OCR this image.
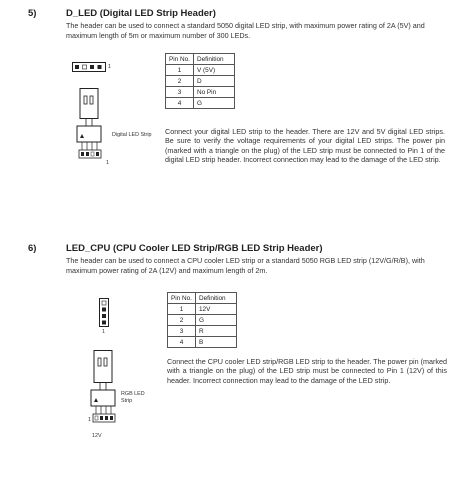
5)	D_LED (Digital LED Strip Header)
The header can be used to connect a standard 5050 digital LED strip, with maximum power rating of 2A (5V) and maximum length of 5m or maximum number of 300 LEDs.
1
Digital LED Strip
1
Pin No.	Definition
1	V (5V)
2	D
3	No Pin
4	G
Connect your digital LED strip to the header. There are 12V and 5V digital LED strips. Be sure to verify the voltage requirements of your digital LED strips. The power pin (marked with a triangle on the plug) of the LED strip must be connected to Pin 1 of the digital LED strip header. Incorrect connection may lead to the damage of the LED strip.
6)	LED_CPU (CPU Cooler LED Strip/RGB LED Strip Header)
The header can be used to connect a CPU cooler LED strip or a standard 5050 RGB LED strip (12V/G/R/B), with maximum power rating of 2A (12V) and maximum length of 2m.
1
RGB LED
Strip
1
12V
Pin No.	Definition
1	12V
2	G
3	R
4	B
Connect the CPU cooler LED strip/RGB LED strip to the header. The power pin (marked with a triangle on the plug) of the LED strip must be connected to Pin 1 (12V) of this header. Incorrect connection may lead to the damage of the LED strip.
